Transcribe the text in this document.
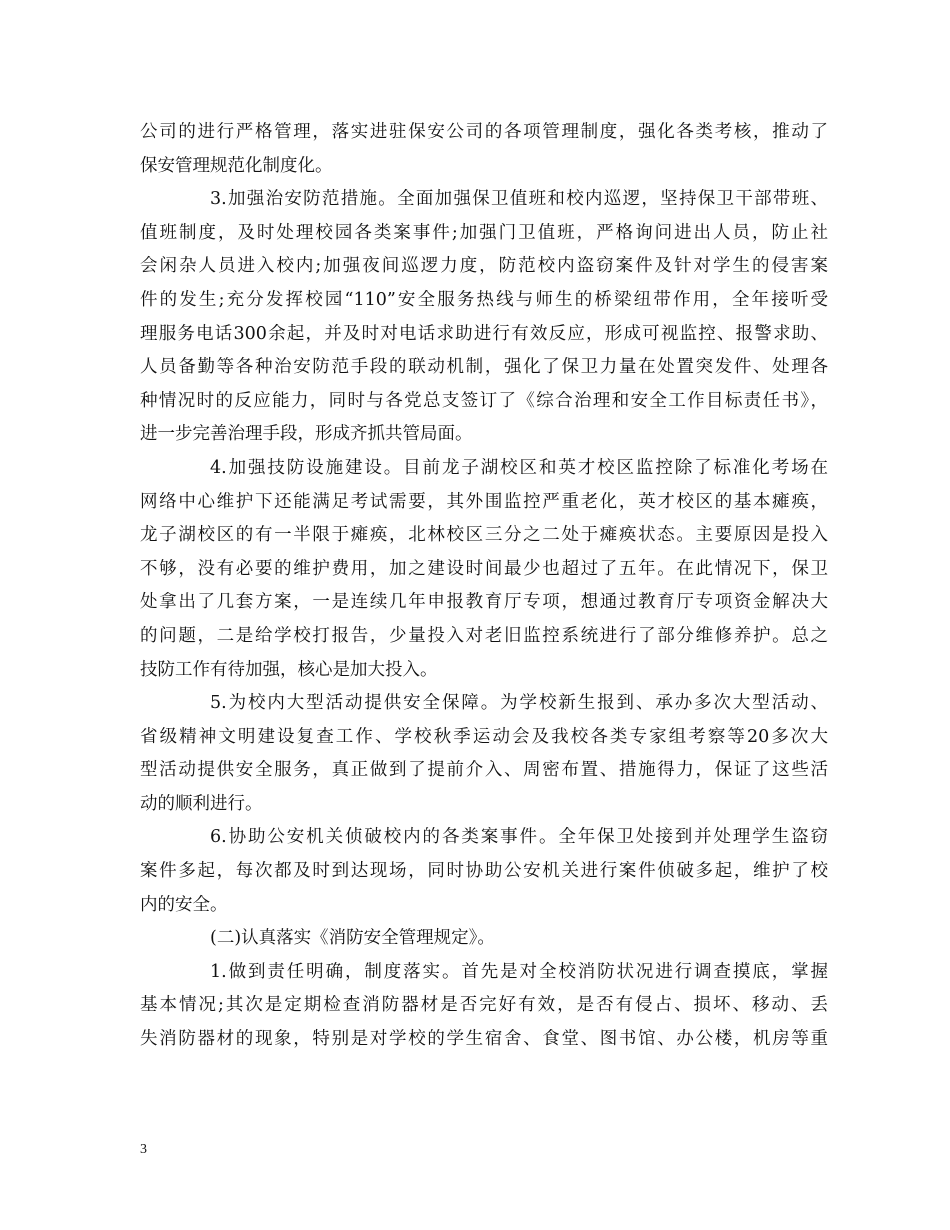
公司的进行严格管理，落实进驻保安公司的各项管理制度，强化各类考核，推动了
保安管理规范化制度化。
3.加强治安防范措施。全面加强保卫值班和校内巡逻，坚持保卫干部带班、
值班制度，及时处理校园各类案事件;加强门卫值班，严格询问进出人员，防止社
会闲杂人员进入校内;加强夜间巡逻力度，防范校内盗窃案件及针对学生的侵害案
件的发生;充分发挥校园“110”安全服务热线与师生的桥梁纽带作用，全年接听受
理服务电话300余起，并及时对电话求助进行有效反应，形成可视监控、报警求助、
人员备勤等各种治安防范手段的联动机制，强化了保卫力量在处置突发件、处理各
种情况时的反应能力，同时与各党总支签订了《综合治理和安全工作目标责任书》，
进一步完善治理手段，形成齐抓共管局面。
4.加强技防设施建设。目前龙子湖校区和英才校区监控除了标准化考场在
网络中心维护下还能满足考试需要，其外围监控严重老化，英才校区的基本瘫痪，
龙子湖校区的有一半限于瘫痪，北林校区三分之二处于瘫痪状态。主要原因是投入
不够，没有必要的维护费用，加之建设时间最少也超过了五年。在此情况下，保卫
处拿出了几套方案，一是连续几年申报教育厅专项，想通过教育厅专项资金解决大
的问题，二是给学校打报告，少量投入对老旧监控系统进行了部分维修养护。总之
技防工作有待加强，核心是加大投入。
5.为校内大型活动提供安全保障。为学校新生报到、承办多次大型活动、
省级精神文明建设复查工作、学校秋季运动会及我校各类专家组考察等20多次大
型活动提供安全服务，真正做到了提前介入、周密布置、措施得力，保证了这些活
动的顺利进行。
6.协助公安机关侦破校内的各类案事件。全年保卫处接到并处理学生盗窃
案件多起，每次都及时到达现场，同时协助公安机关进行案件侦破多起，维护了校
内的安全。
(二)认真落实《消防安全管理规定》。
1.做到责任明确，制度落实。首先是对全校消防状况进行调查摸底，掌握
基本情况;其次是定期检查消防器材是否完好有效，是否有侵占、损坏、移动、丢
失消防器材的现象，特别是对学校的学生宿舍、食堂、图书馆、办公楼，机房等重
3
